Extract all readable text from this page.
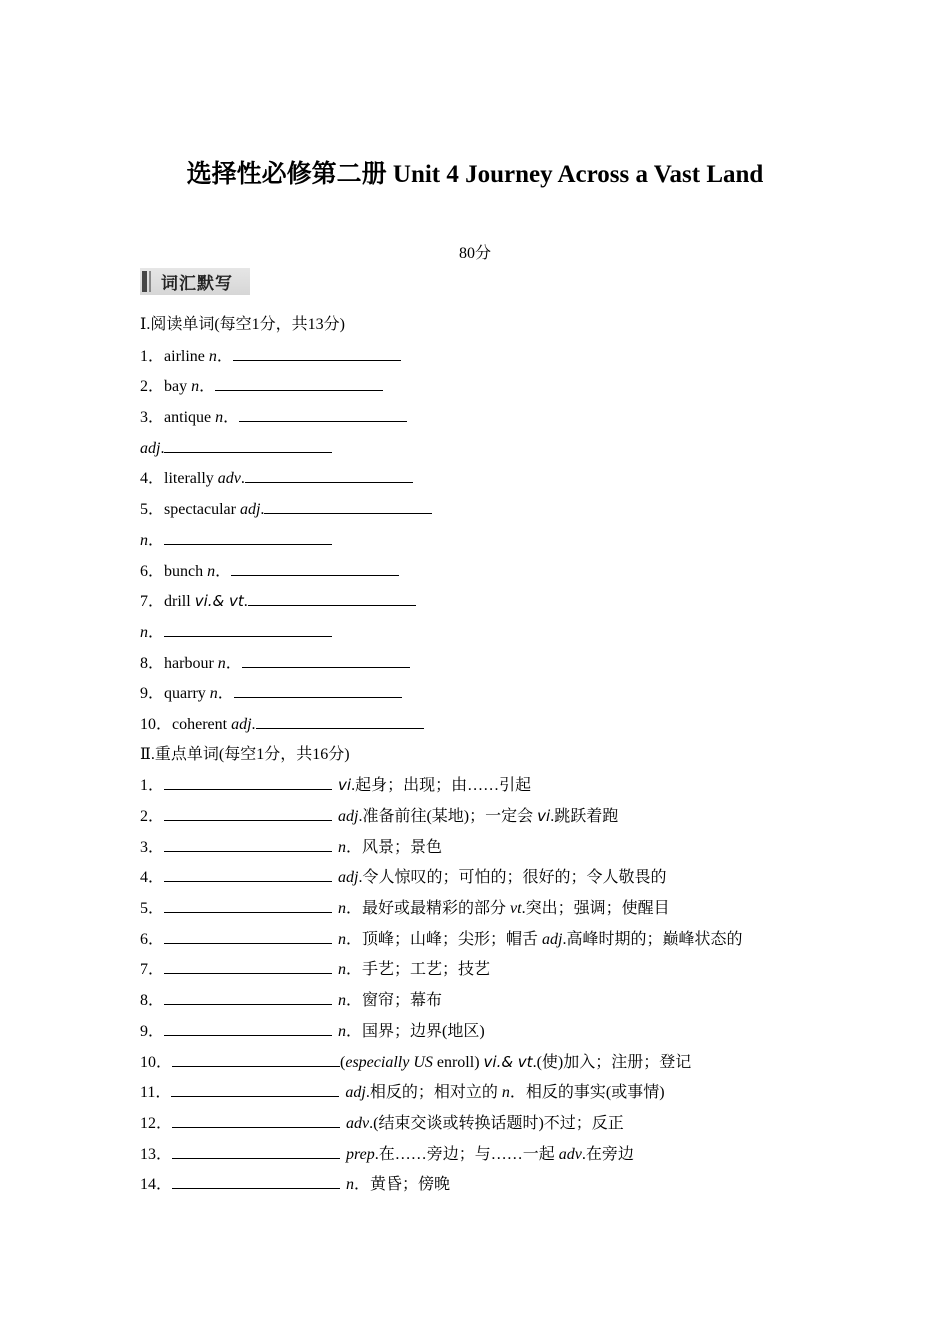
选择性必修第二册 Unit 4 Journey Across a Vast Land
80分
词汇默写
Ⅰ.阅读单词(每空1分，共13分)
1．airline n．
2．bay n．
3．antique n．
adj.
4．literally adv.
5．spectacular adj.
n．
6．bunch n．
7．drill vi.& vt.
n．
8．harbour n．
9．quarry n．
10．coherent adj.
Ⅱ.重点单词(每空1分，共16分)
1．	vi.起身；出现；由……引起
2．	adj.准备前往(某地)；一定会 vi.跳跃着跑
3．	n．风景；景色
4．	adj.令人惊叹的；可怕的；很好的；令人敬畏的
5．	n．最好或最精彩的部分 vt.突出；强调；使醒目
6．	n．顶峰；山峰；尖形；帽舌 adj.高峰时期的；巅峰状态的
7．	n．手艺；工艺；技艺
8．	n．窗帘；幕布
9．	n．国界；边界(地区)
10．	(especially US enroll) vi.& vt.(使)加入；注册；登记
11．	adj.相反的；相对立的 n．相反的事实(或事情)
12．	adv.(结束交谈或转换话题时)不过；反正
13．	prep.在……旁边；与……一起 adv.在旁边
14．	n．黄昏；傍晚
